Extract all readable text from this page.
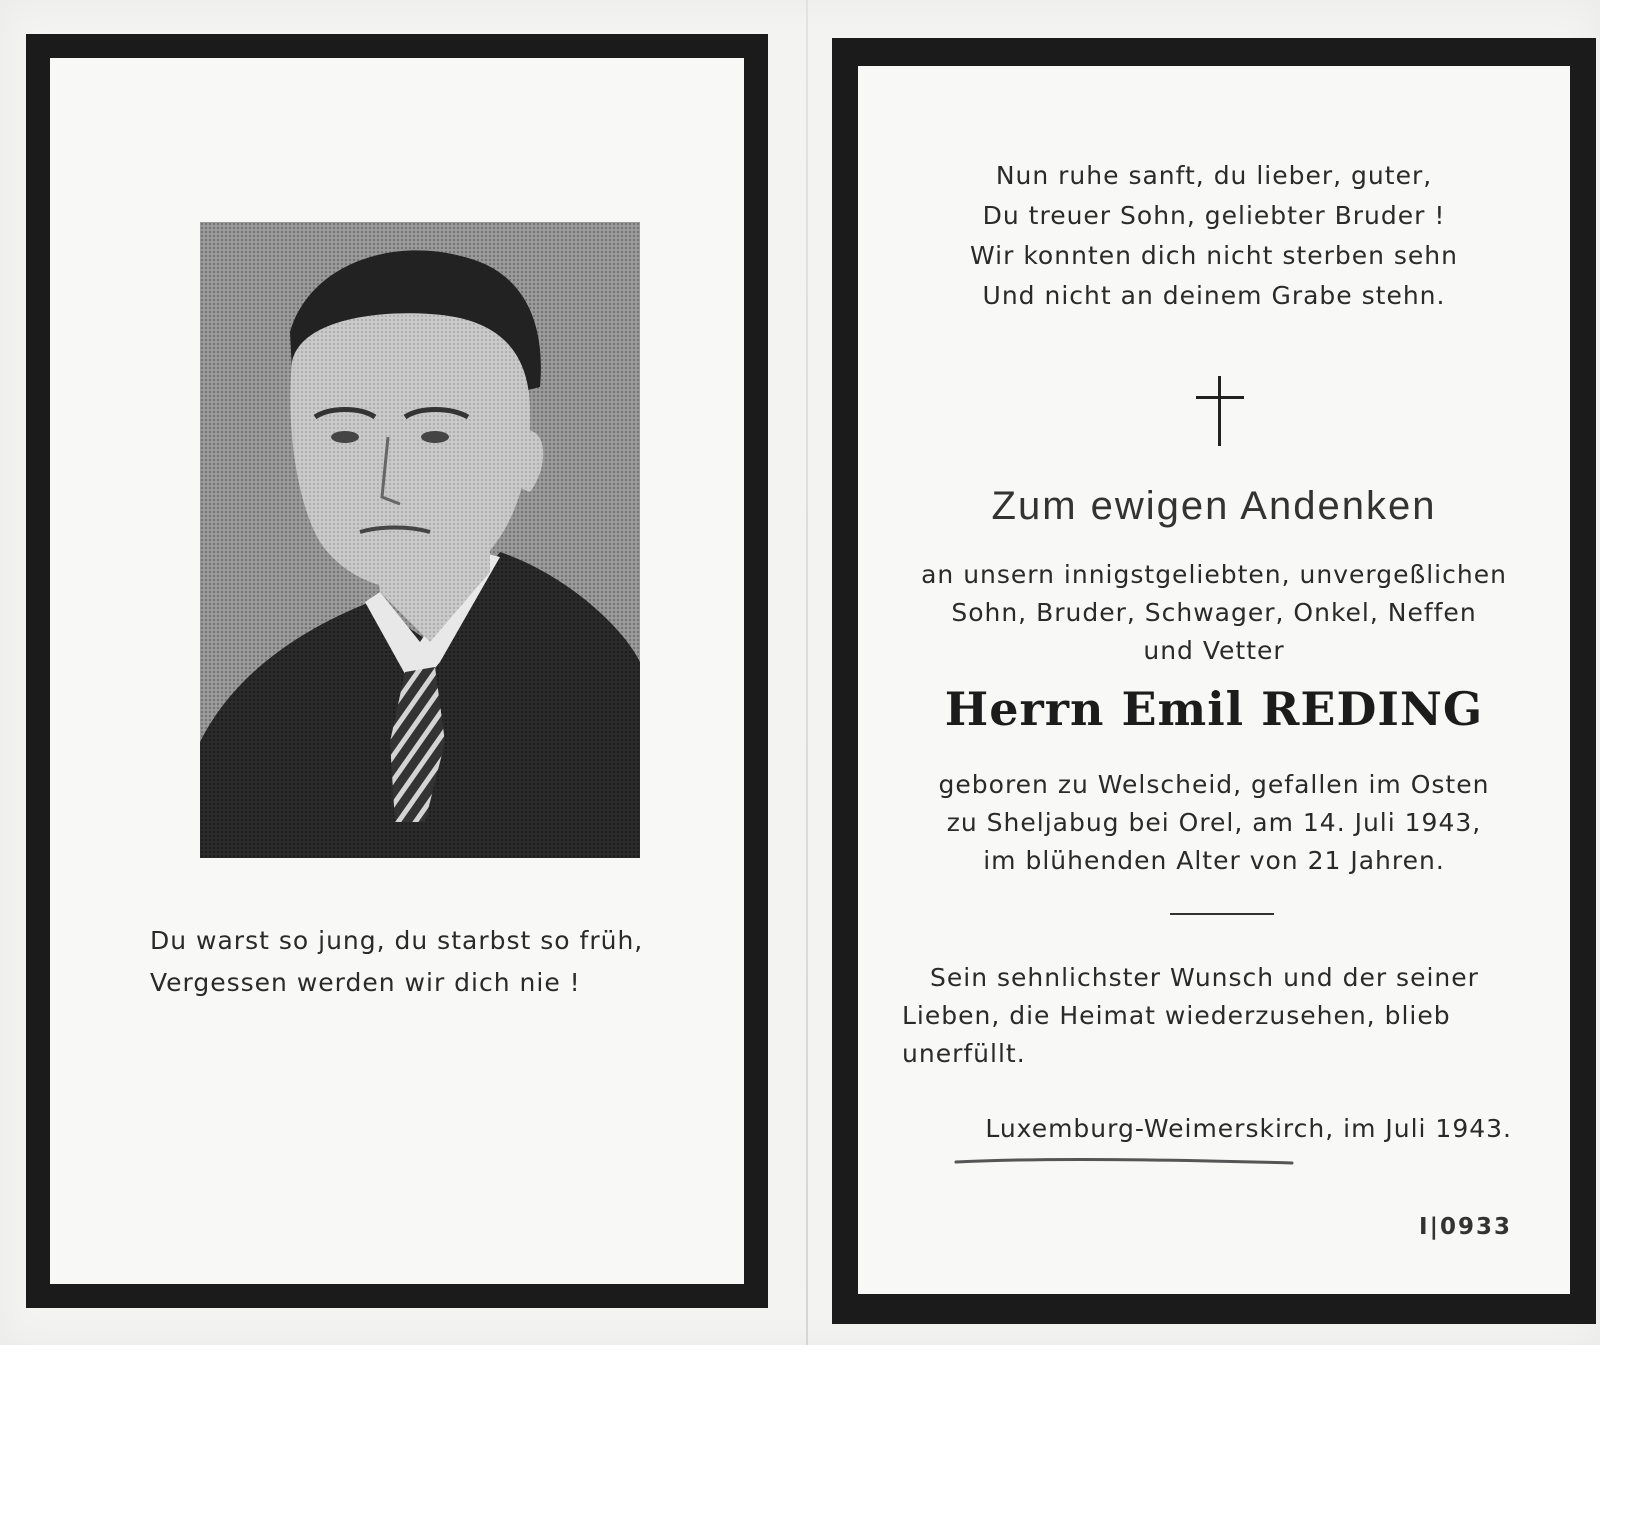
Du warst so jung, du starbst so früh,
Vergessen werden wir dich nie !
Nun ruhe sanft, du lieber, guter,
Du treuer Sohn, geliebter Bruder !
Wir konnten dich nicht sterben sehn
Und nicht an deinem Grabe stehn.
Zum ewigen Andenken
an unsern innigstgeliebten, unvergeßlichen
Sohn, Bruder, Schwager, Onkel, Neffen
und Vetter
Herrn Emil REDING
geboren zu Welscheid, gefallen im Osten
zu Sheljabug bei Orel, am 14. Juli 1943,
im blühenden Alter von 21 Jahren.
Sein sehnlichster Wunsch und der seiner
Lieben, die Heimat wiederzusehen, blieb
unerfüllt.
Luxemburg-Weimerskirch, im Juli 1943.
I|0933
